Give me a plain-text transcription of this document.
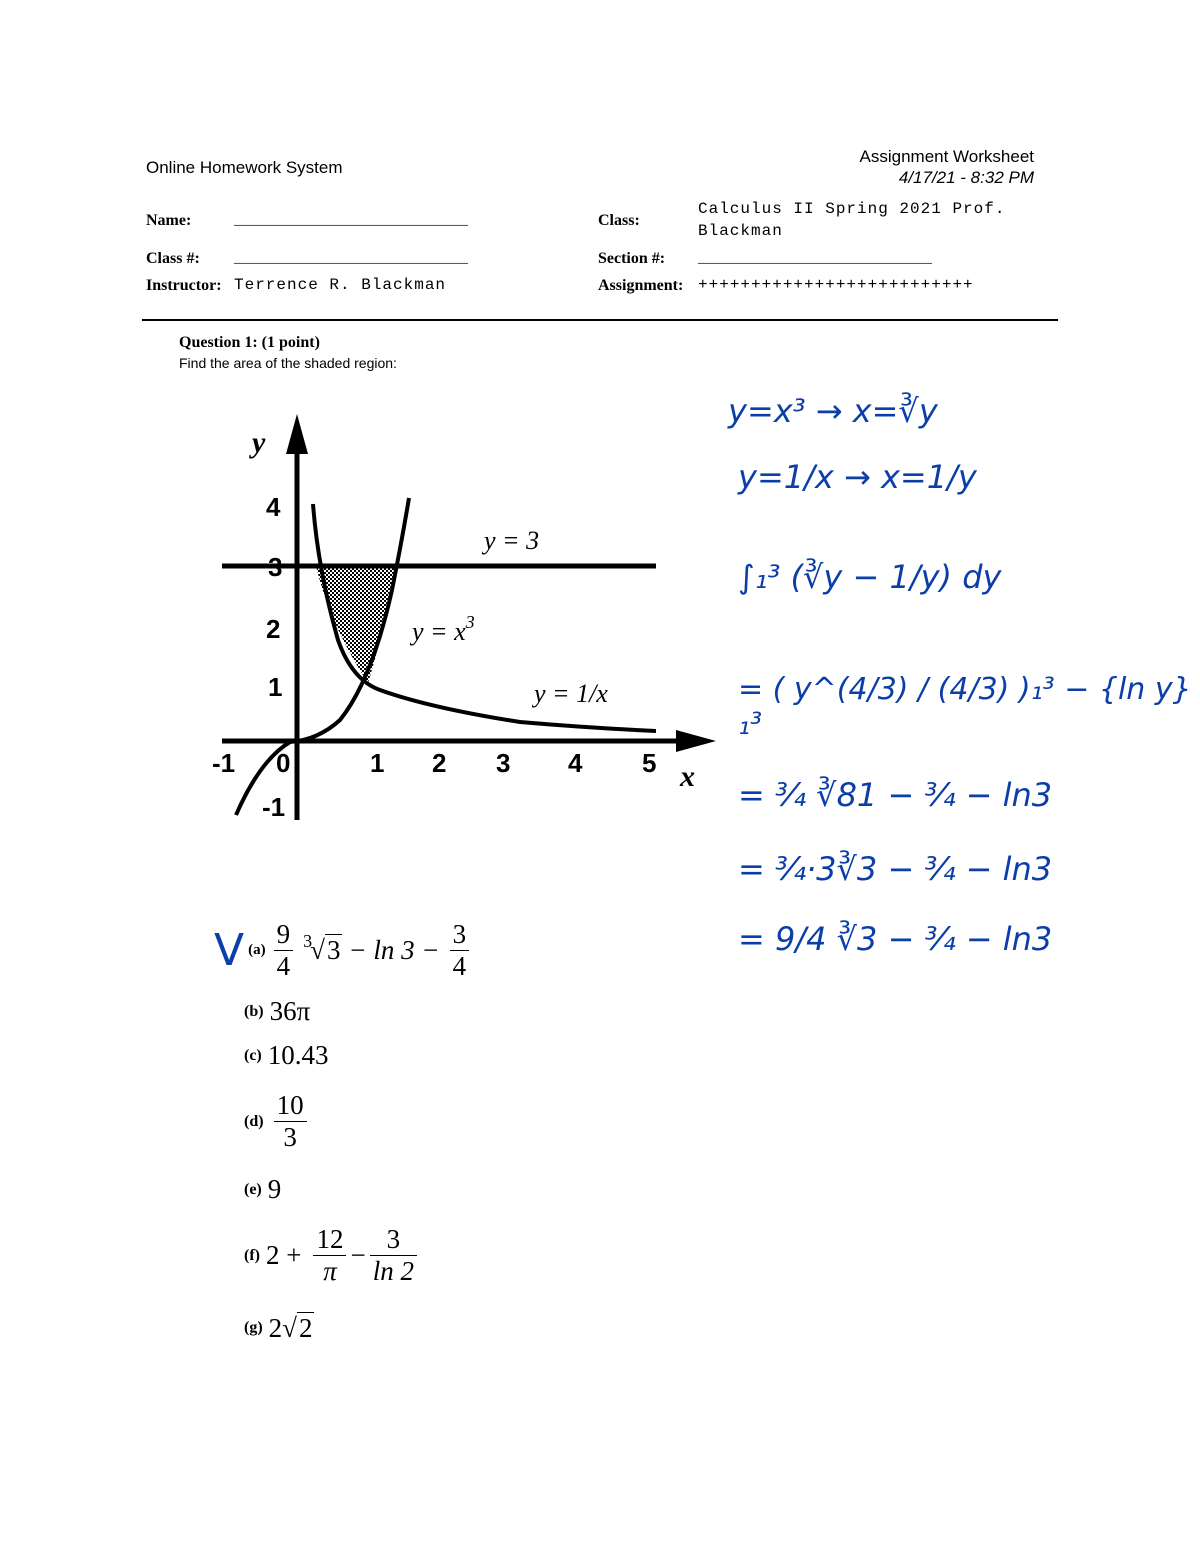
Online Homework System
Assignment Worksheet
4/17/21 - 8:32 PM
Name:	__________________________	Class:
Calculus II Spring 2021 Prof.
Blackman
Class #: __________________________	Section #: __________________________
Instructor: Terrence R. Blackman	Assignment: ++++++++++++++++++++++++++
Question 1: (1 point)
Find the area of the shaded region:
-1 0	1 2 3 4 5
4
3
2
1
-1
y
x
y = 3
$y = x^3$
y = 1/x
V $(a) \frac{9}{4} 3$
√ $3 - \ln 3 - \frac{3}{4}$
(b) 36π
(c) 10.43
$(d) \frac{10}{3}$
(e) 9
(f) $2 + \frac{12}{\pi} - \frac{3}{\ln 2}$
(g) 2 √ 2
y=x³ → x=∛y
y=1/x → x=1/y
∫₁³ (∛y − 1/y) dy
= ( y^(4/3) / (4/3) )₁³ − {ln y}₁³
= ¾ ∛81 − ¾ − ln3
= ¾·3∛3 − ¾ − ln3
= 9/4 ∛3 − ¾ − ln3
